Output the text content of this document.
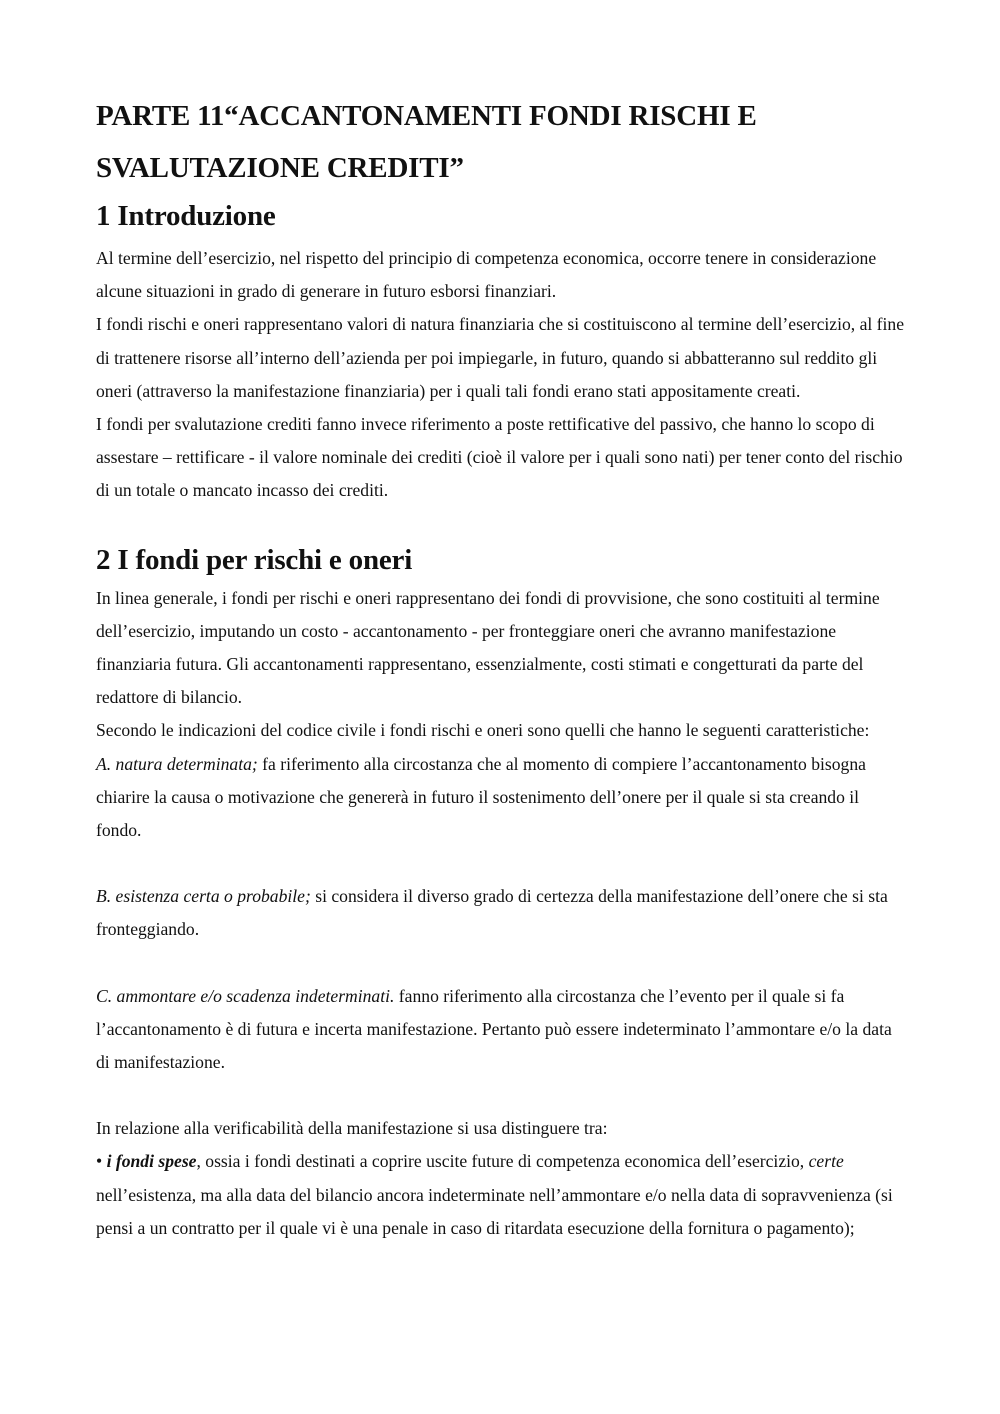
PARTE 11“ACCANTONAMENTI FONDI RISCHI E
SVALUTAZIONE CREDITI”
1 Introduzione

Al termine dell’esercizio, nel rispetto del principio di competenza economica, occorre tenere in considerazione alcune situazioni in grado di generare in futuro esborsi finanziari.

I fondi rischi e oneri rappresentano valori di natura finanziaria che si costituiscono al termine dell’esercizio, al fine di trattenere risorse all’interno dell’azienda per poi impiegarle, in futuro, quando si abbatteranno sul reddito gli oneri (attraverso la manifestazione finanziaria) per i quali tali fondi erano stati appositamente creati.

I fondi per svalutazione crediti fanno invece riferimento a poste rettificative del passivo, che hanno lo scopo di assestare – rettificare - il valore nominale dei crediti (cioè il valore per i quali sono nati) per tener conto del rischio di un totale o mancato incasso dei crediti.

2 I fondi per rischi e oneri

In linea generale, i fondi per rischi e oneri rappresentano dei fondi di provvisione, che sono costituiti al termine dell’esercizio, imputando un costo - accantonamento - per fronteggiare oneri che avranno manifestazione finanziaria futura. Gli accantonamenti rappresentano, essenzialmente, costi stimati e congetturati da parte del redattore di bilancio.

Secondo le indicazioni del codice civile i fondi rischi e oneri sono quelli che hanno le seguenti caratteristiche:

A. natura determinata; fa riferimento alla circostanza che al momento di compiere l’accantonamento bisogna chiarire la causa o motivazione che genererà in futuro il sostenimento dell’onere per il quale si sta creando il fondo.

B. esistenza certa o probabile; si considera il diverso grado di certezza della manifestazione dell’onere che si sta fronteggiando.

C. ammontare e/o scadenza indeterminati. fanno riferimento alla circostanza che l’evento per il quale si fa l’accantonamento è di futura e incerta manifestazione. Pertanto può essere indeterminato l’ammontare e/o la data di manifestazione.

In relazione alla verificabilità della manifestazione si usa distinguere tra:

• i fondi spese, ossia i fondi destinati a coprire uscite future di competenza economica dell’esercizio, certe nell’esistenza, ma alla data del bilancio ancora indeterminate nell’ammontare e/o nella data di sopravvenienza (si pensi a un contratto per il quale vi è una penale in caso di ritardata esecuzione della fornitura o pagamento);
